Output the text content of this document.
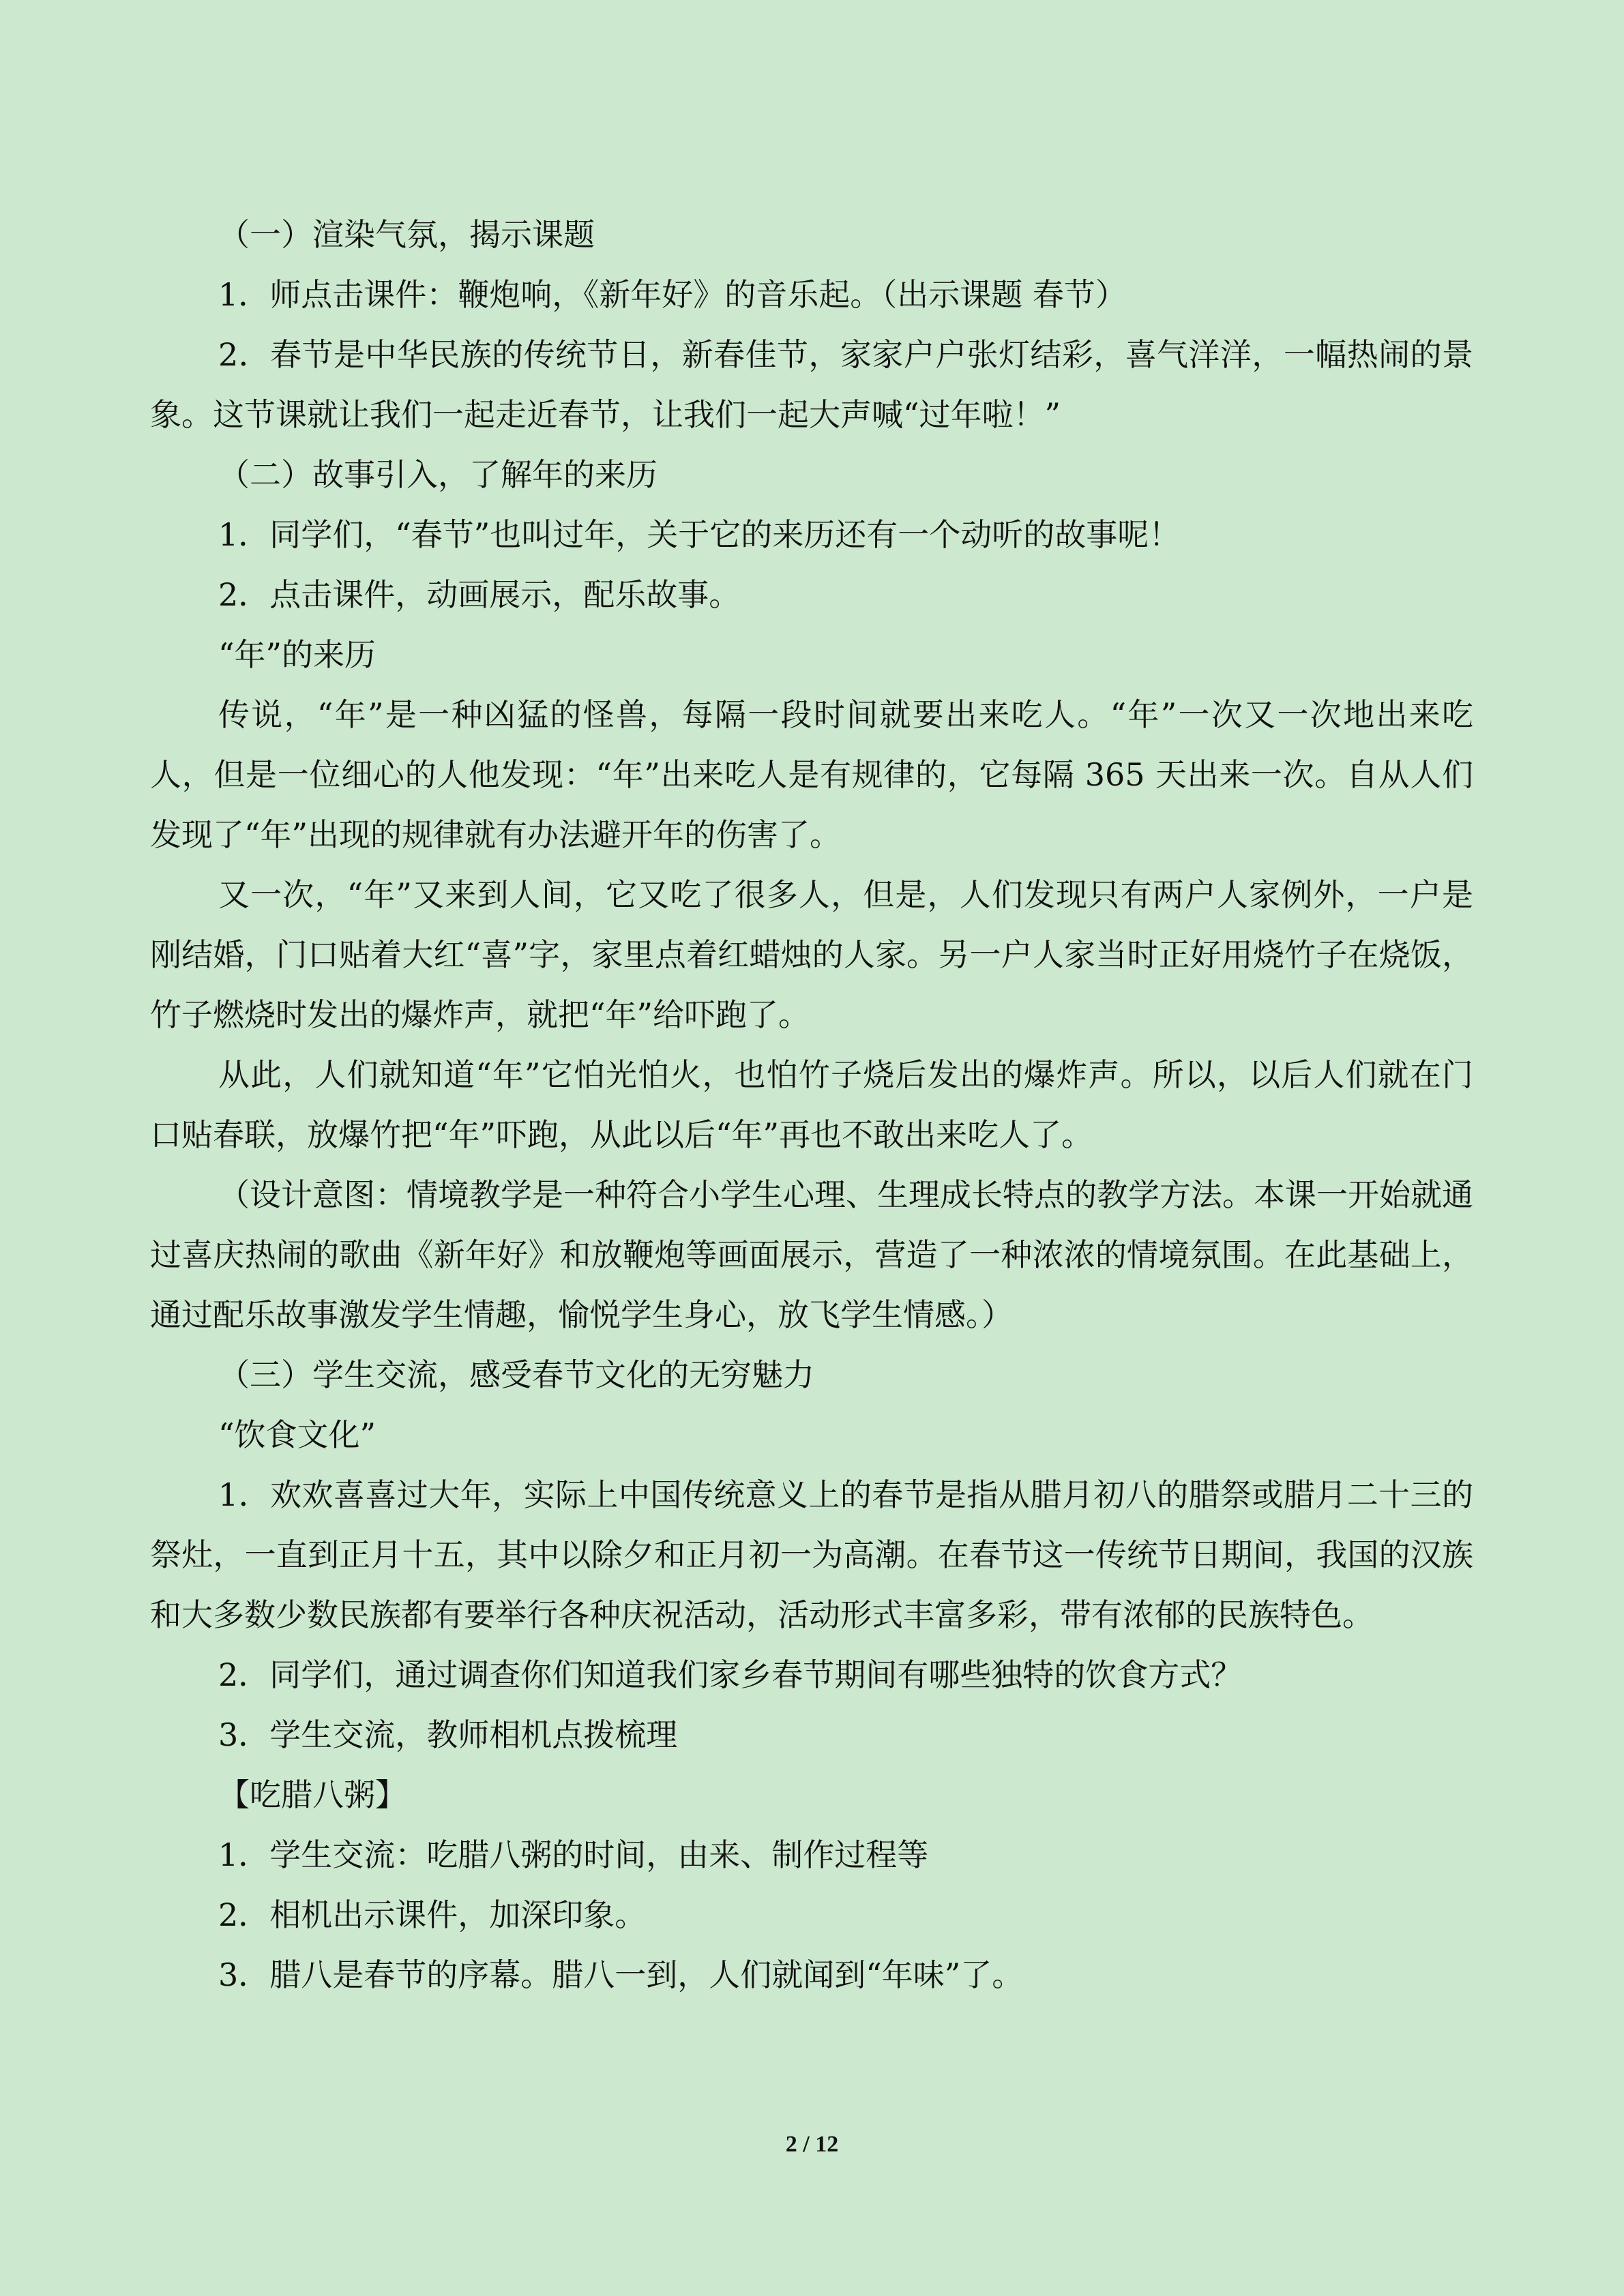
（一）渲染气氛，揭示课题

1．师点击课件：鞭炮响，《新年好》的音乐起。（出示课题 春节）

2．春节是中华民族的传统节日，新春佳节，家家户户张灯结彩，喜气洋洋，一幅热闹的景象。这节课就让我们一起走近春节，让我们一起大声喊“过年啦！”

（二）故事引入，了解年的来历

1．同学们，“春节”也叫过年，关于它的来历还有一个动听的故事呢！

2．点击课件，动画展示，配乐故事。

“年”的来历

传说，“年”是一种凶猛的怪兽，每隔一段时间就要出来吃人。“年”一次又一次地出来吃人，但是一位细心的人他发现：“年”出来吃人是有规律的，它每隔 365 天出来一次。自从人们发现了“年”出现的规律就有办法避开年的伤害了。

又一次，“年”又来到人间，它又吃了很多人，但是，人们发现只有两户人家例外，一户是刚结婚，门口贴着大红“喜”字，家里点着红蜡烛的人家。另一户人家当时正好用烧竹子在烧饭，竹子燃烧时发出的爆炸声，就把“年”给吓跑了。

从此，人们就知道“年”它怕光怕火，也怕竹子烧后发出的爆炸声。所以，以后人们就在门口贴春联，放爆竹把“年”吓跑，从此以后“年”再也不敢出来吃人了。

（设计意图：情境教学是一种符合小学生心理、生理成长特点的教学方法。本课一开始就通过喜庆热闹的歌曲《新年好》和放鞭炮等画面展示，营造了一种浓浓的情境氛围。在此基础上，通过配乐故事激发学生情趣，愉悦学生身心，放飞学生情感。）

（三）学生交流，感受春节文化的无穷魅力

“饮食文化”

1．欢欢喜喜过大年，实际上中国传统意义上的春节是指从腊月初八的腊祭或腊月二十三的祭灶，一直到正月十五，其中以除夕和正月初一为高潮。在春节这一传统节日期间，我国的汉族和大多数少数民族都有要举行各种庆祝活动，活动形式丰富多彩，带有浓郁的民族特色。

2．同学们，通过调查你们知道我们家乡春节期间有哪些独特的饮食方式？

3．学生交流，教师相机点拨梳理

【吃腊八粥】

1．学生交流：吃腊八粥的时间，由来、制作过程等

2．相机出示课件，加深印象。

3．腊八是春节的序幕。腊八一到，人们就闻到“年味”了。

2 / 12
